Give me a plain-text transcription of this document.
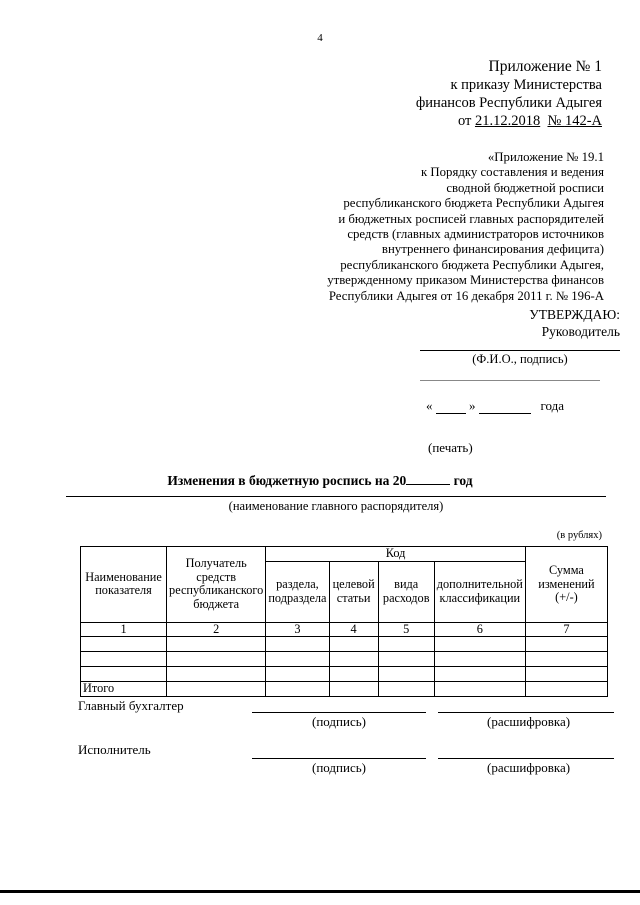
4
Приложение № 1
к приказу Министерства
финансов Республики Адыгея
от 21.12.2018 № 142-А
«Приложение № 19.1
к Порядку составления и ведения
сводной бюджетной росписи
республиканского бюджета Республики Адыгея
и бюджетных росписей главных распорядителей
средств (главных администраторов источников
внутреннего финансирования дефицита)
республиканского бюджета Республики Адыгея,
утвержденному приказом Министерства финансов
Республики Адыгея от 16 декабря 2011 г. № 196-А
УТВЕРЖДАЮ:
Руководитель
(Ф.И.О., подпись)
«	»	года
(печать)
Изменения в бюджетную роспись на 20	год
(наименование главного распорядителя)
(в рублях)
Наименование показателя	Получатель средств республиканского бюджета	Код				Сумма изменений (+/-)
		раздела, подраздела	целевой статьи	вида расходов	дополнительной классификации	
1	2	3	4	5	6	7

Итого						
Главный бухгалтер
(подпись)	(расшифровка)
Исполнитель
(подпись)	(расшифровка)
